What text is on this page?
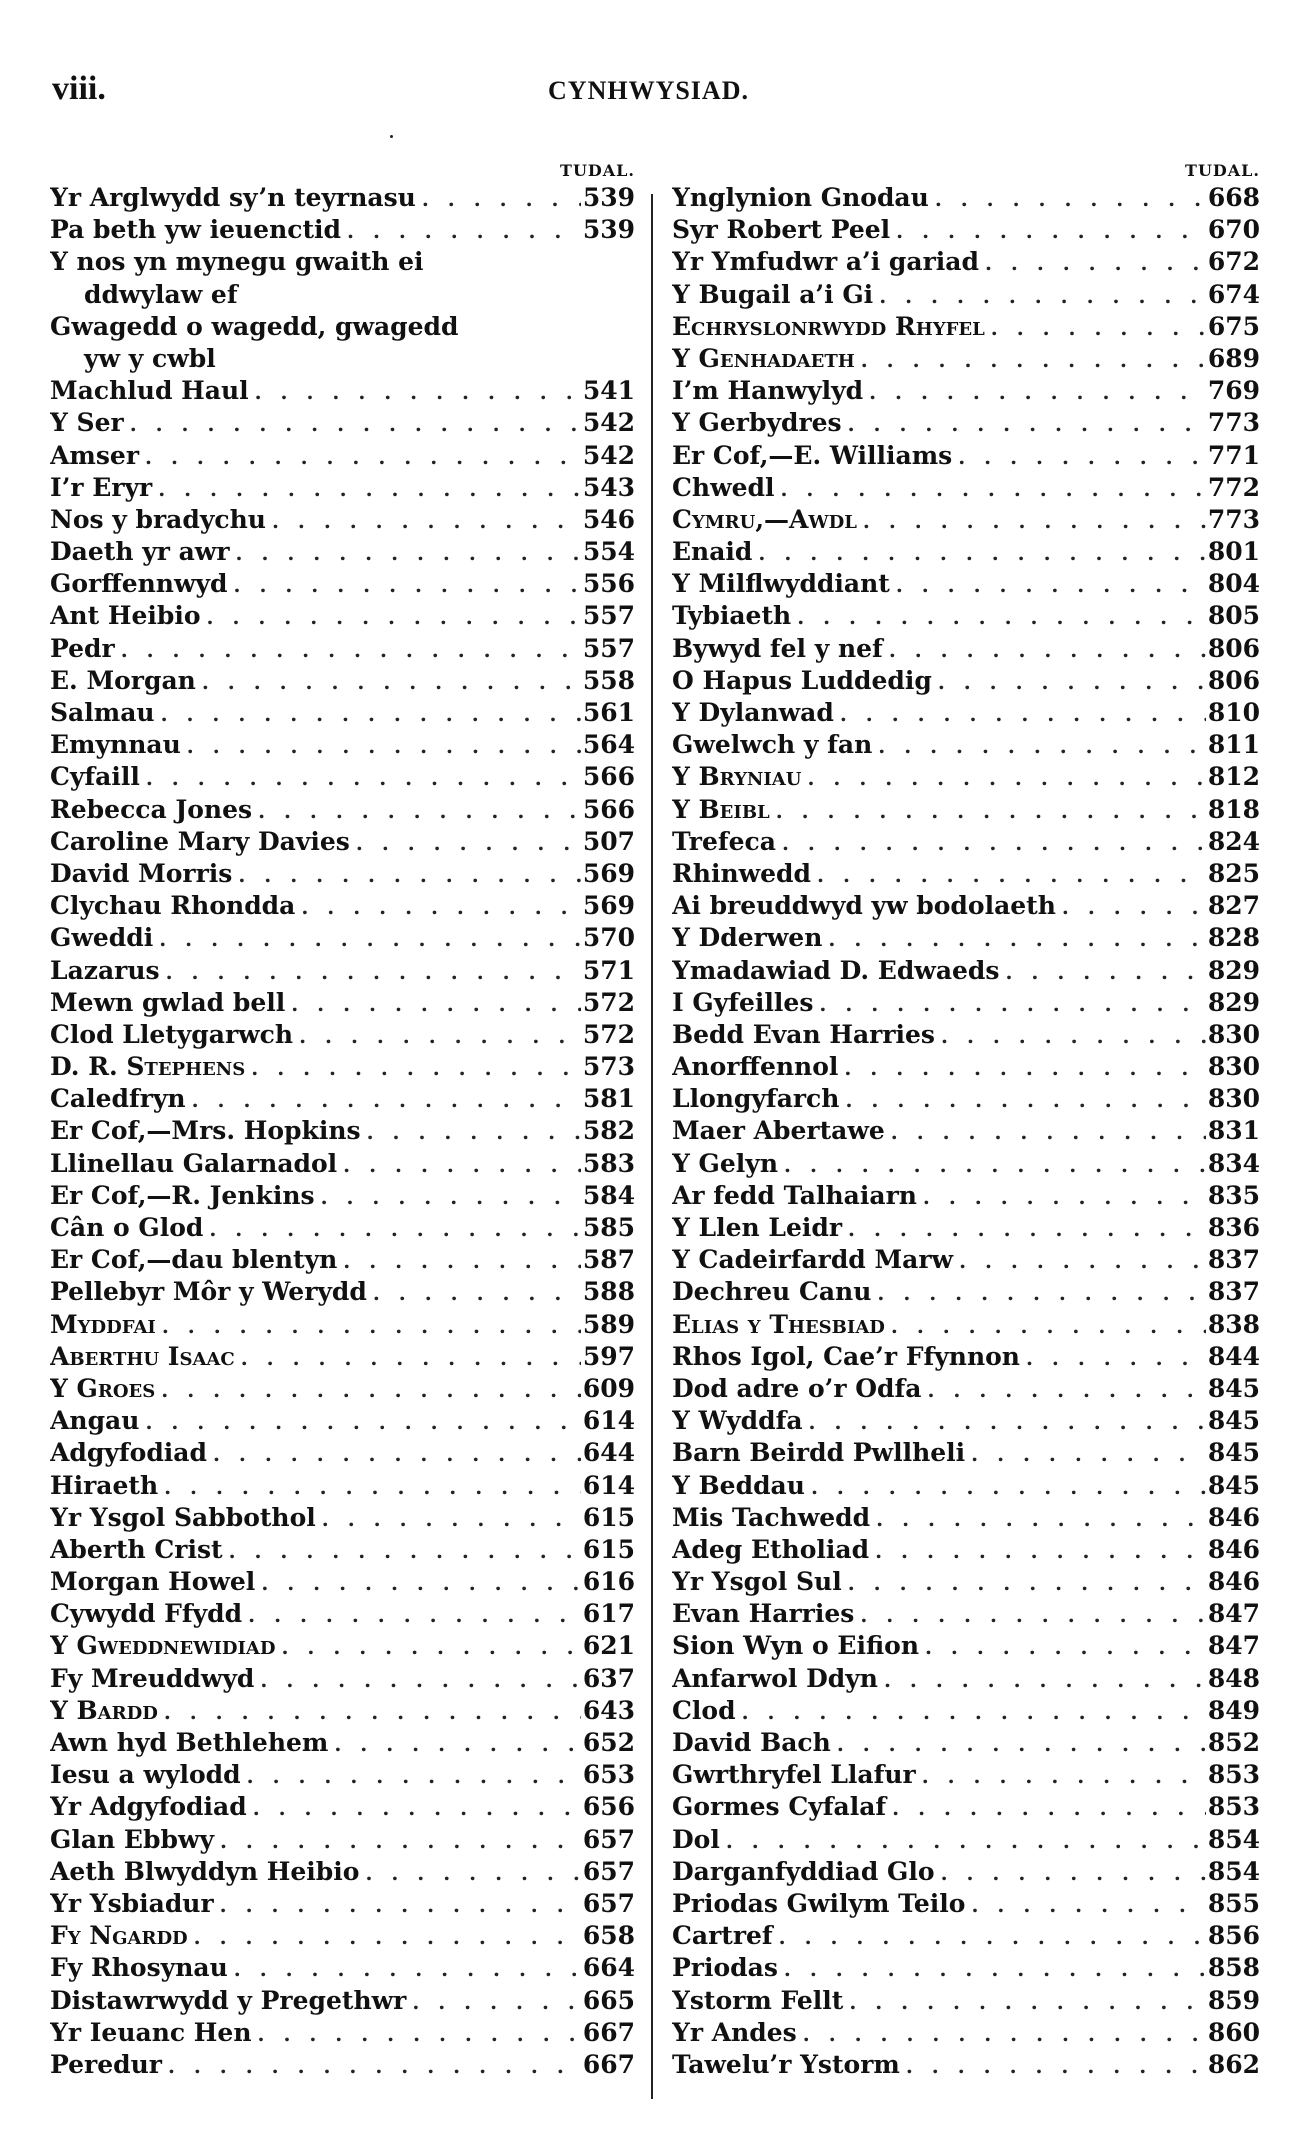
viii.	CYNHWYSIAD.
TUDAL.
Yr Arglwydd sy’n teyrnasu . . .	539
Pa beth yw ieuenctid . . .	539
Y nos yn mynegu gwaith ei
ddwylaw ef
Gwagedd o wagedd, gwagedd
yw y cwbl
Machlud Haul . . .	541
Y Ser . . .	542
Amser . . .	542
I’r Eryr . . .	543
Nos y bradychu . . .	546
Daeth yr awr . . .	554
Gorffennwyd . . .	556
Ant Heibio . . .	557
Pedr . . .	557
E. Morgan . . .	558
Salmau . . .	561
Emynnau . . .	564
Cyfaill . . .	566
Rebecca Jones . . .	566
Caroline Mary Davies . . .	507
David Morris . . .	569
Clychau Rhondda . . .	569
Gweddi . . .	570
Lazarus . . .	571
Mewn gwlad bell . . .	572
Clod Lletygarwch . . .	572
D. R. Stephens . . .	573
Caledfryn . . .	581
Er Cof,—Mrs. Hopkins . . .	582
Llinellau Galarnadol . . .	583
Er Cof,—R. Jenkins . . .	584
Cân o Glod . . .	585
Er Cof,—dau blentyn . . .	587
Pellebyr Môr y Werydd . . .	588
Myddfai . . .	589
Aberthu Isaac . . .	597
Y Groes . . .	609
Angau . . .	614
Adgyfodiad . . .	644
Hiraeth . . .	614
Yr Ysgol Sabbothol . . .	615
Aberth Crist . . .	615
Morgan Howel . . .	616
Cywydd Ffydd . . .	617
Y Gweddnewidiad . . .	621
Fy Mreuddwyd . . .	637
Y Bardd . . .	643
Awn hyd Bethlehem . . .	652
Iesu a wylodd . . .	653
Yr Adgyfodiad . . .	656
Glan Ebbwy . . .	657
Aeth Blwyddyn Heibio . . .	657
Yr Ysbiadur . . .	657
Fy Ngardd . . .	658
Fy Rhosynau . . .	664
Distawrwydd y Pregethwr . . .	665
Yr Ieuanc Hen . . .	667
Peredur . . .	667
TUDAL.
Ynglynion Gnodau . . .	668
Syr Robert Peel . . .	670
Yr Ymfudwr a’i gariad . . .	672
Y Bugail a’i Gi . . .	674
Echryslonrwydd Rhyfel . . .	675
Y Genhadaeth . . .	689
I’m Hanwylyd . . .	769
Y Gerbydres . . .	773
Er Cof,—E. Williams . . .	771
Chwedl . . .	772
Cymru,—Awdl . . .	773
Enaid . . .	801
Y Milflwyddiant . . .	804
Tybiaeth . . .	805
Bywyd fel y nef . . .	806
O Hapus Luddedig . . .	806
Y Dylanwad . . .	810
Gwelwch y fan . . .	811
Y Bryniau . . .	812
Y Beibl . . .	818
Trefeca . . .	824
Rhinwedd . . .	825
Ai breuddwyd yw bodolaeth . . .	827
Y Dderwen . . .	828
Ymadawiad D. Edwaeds . . .	829
I Gyfeilles . . .	829
Bedd Evan Harries . . .	830
Anorffennol . . .	830
Llongyfarch . . .	830
Maer Abertawe . . .	831
Y Gelyn . . .	834
Ar fedd Talhaiarn . . .	835
Y Llen Leidr . . .	836
Y Cadeirfardd Marw . . .	837
Dechreu Canu . . .	837
Elias y Thesbiad . . .	838
Rhos Igol, Cae’r Ffynnon . . .	844
Dod adre o’r Odfa . . .	845
Y Wyddfa . . .	845
Barn Beirdd Pwllheli . . .	845
Y Beddau . . .	845
Mis Tachwedd . . .	846
Adeg Etholiad . . .	846
Yr Ysgol Sul . . .	846
Evan Harries . . .	847
Sion Wyn o Eifion . . .	847
Anfarwol Ddyn . . .	848
Clod . . .	849
David Bach . . .	852
Gwrthryfel Llafur . . .	853
Gormes Cyfalaf . . .	853
Dol . . .	854
Darganfyddiad Glo . . .	854
Priodas Gwilym Teilo . . .	855
Cartref . . .	856
Priodas . . .	858
Ystorm Fellt . . .	859
Yr Andes . . .	860
Tawelu’r Ystorm . . .	862
